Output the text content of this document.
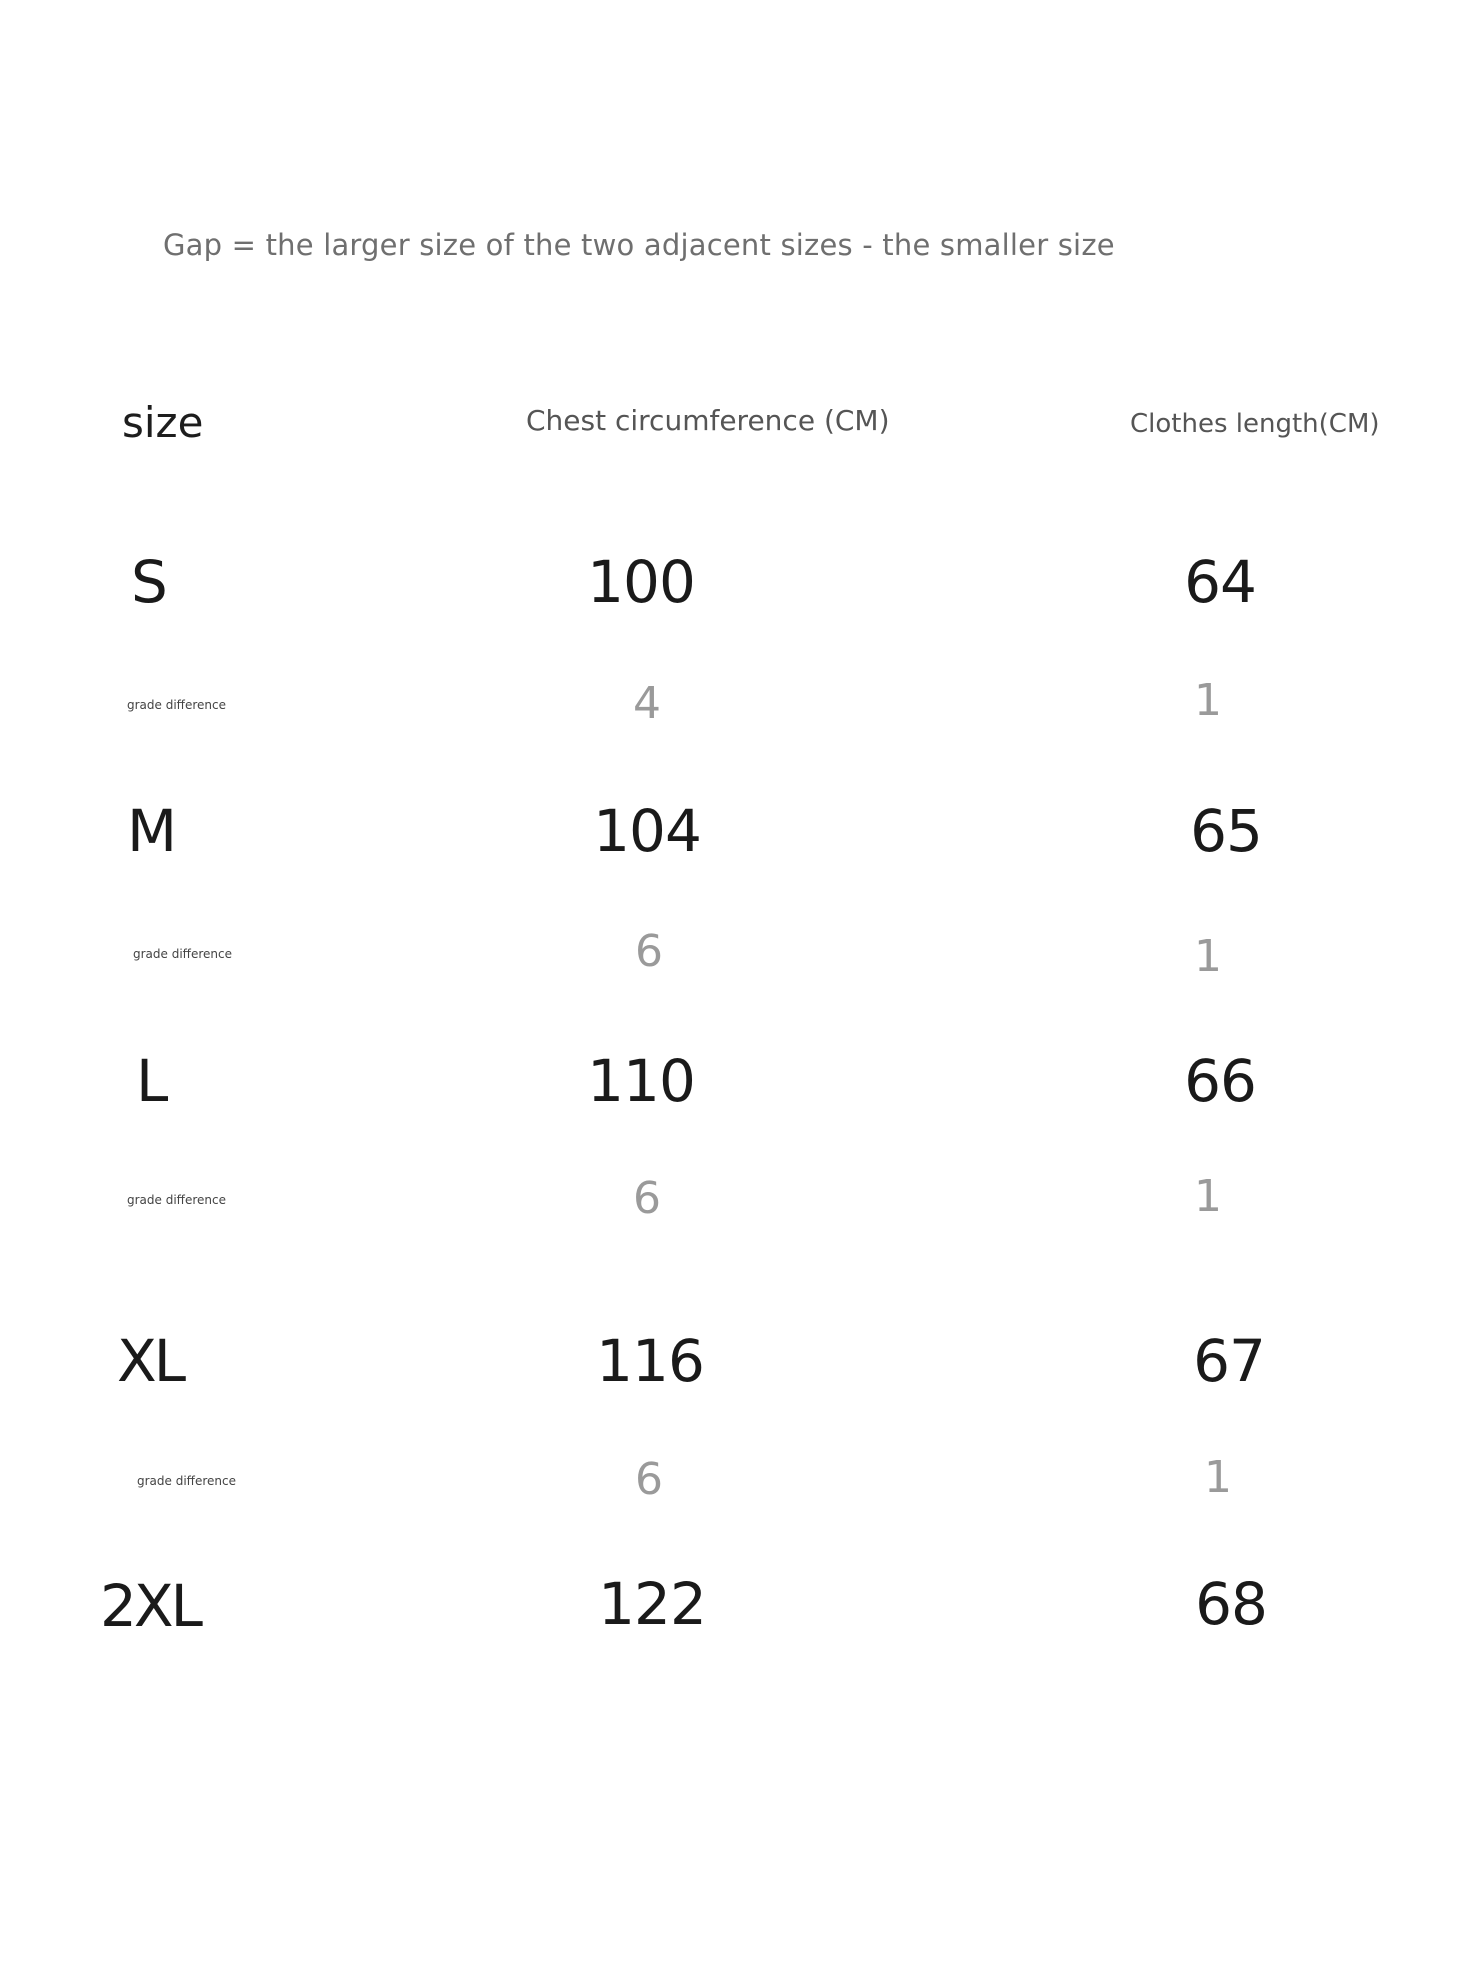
Gap = the larger size of the two adjacent sizes - the smaller size
size	Chest circumference (CM)	Clothes length(CM)
S	100	64
grade difference	4	1
M	104	65
grade difference	6	1
L	110	66
grade difference	6	1
XL	116	67
grade difference	6	1
2XL	122	68
